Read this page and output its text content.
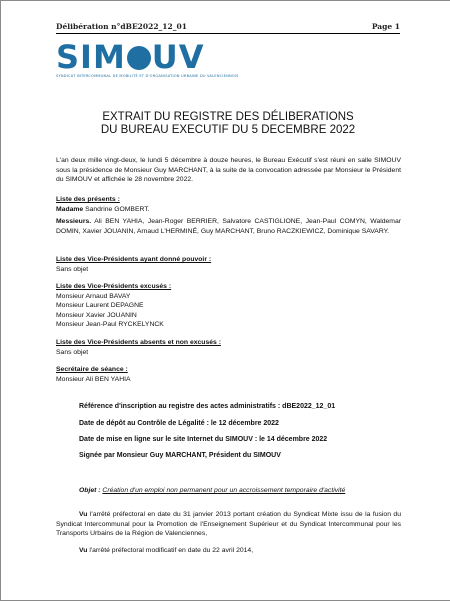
Délibération n°dBE2022_12_01	Page 1
SIM UV
SYNDICAT INTERCOMMUNAL DE MOBILITÉ ET D'ORGANISATION URBAINE DU VALENCIENNOIS
EXTRAIT DU REGISTRE DES DÉLIBERATIONS
DU BUREAU EXECUTIF DU 5 DECEMBRE 2022

L'an deux mille vingt-deux, le lundi 5 décembre à douze heures, le Bureau Exécutif s'est réuni en salle SIMOUV sous la présidence de Monsieur Guy MARCHANT, à la suite de la convocation adressée par Monsieur le Président du SIMOUV et affichée le 28 novembre 2022.

Liste des présents :
Madame Sandrine GOMBERT.
Messieurs. Ali BEN YAHIA, Jean-Roger BERRIER, Salvatore CASTIGLIONE, Jean-Paul COMYN, Waldemar DOMIN, Xavier JOUANIN, Arnaud L'HERMINÉ, Guy MARCHANT, Bruno RACZKIEWICZ, Dominique SAVARY.
Liste des Vice-Présidents ayant donné pouvoir :
Sans objet
Liste des Vice-Présidents excusés :
Monsieur Arnaud BAVAY
Monsieur Laurent DEPAGNE
Monsieur Xavier JOUANIN
Monsieur Jean-Paul RYCKELYNCK
Liste des Vice-Présidents absents et non excusés :
Sans objet
Secrétaire de séance :
Monsieur Ali BEN YAHIA
Référence d'inscription au registre des actes administratifs : dBE2022_12_01
Date de dépôt au Contrôle de Légalité : le 12 décembre 2022
Date de mise en ligne sur le site Internet du SIMOUV : le 14 décembre 2022
Signée par Monsieur Guy MARCHANT, Président du SIMOUV
Objet : Création d'un emploi non permanent pour un accroissement temporaire d'activité
Vu l'arrêté préfectoral en date du 31 janvier 2013 portant création du Syndicat Mixte issu de la fusion du Syndicat Intercommunal pour la Promotion de l'Enseignement Supérieur et du Syndicat Intercommunal pour les Transports Urbains de la Région de Valenciennes,
Vu l'arrêté préfectoral modificatif en date du 22 avril 2014,
